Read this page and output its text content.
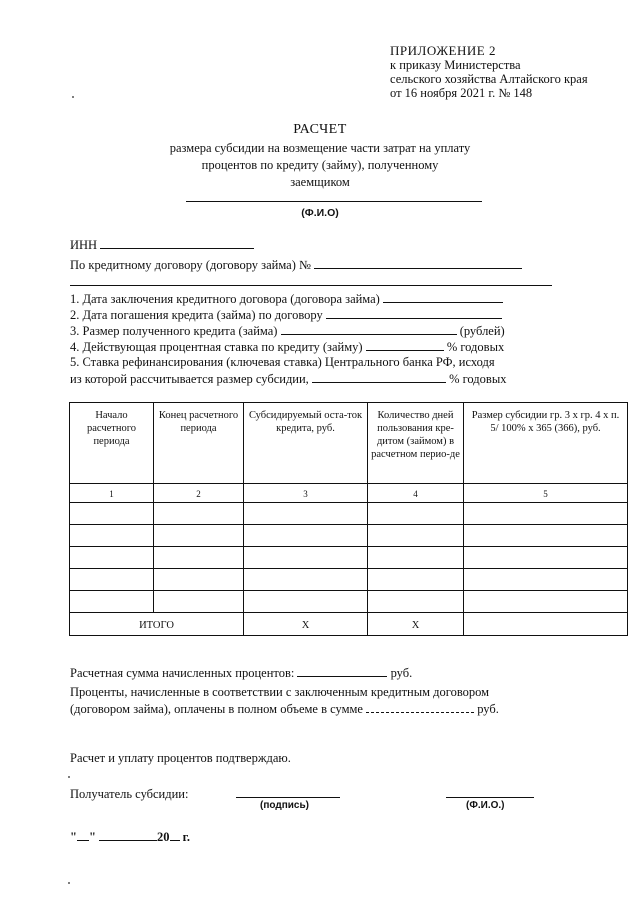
ПРИЛОЖЕНИЕ 2
к приказу Министерства
сельского хозяйства Алтайского края
от 16 ноября 2021 г. № 148
РАСЧЕТ
размера субсидии на возмещение части затрат на уплату
процентов по кредиту (займу), полученному
заемщиком
(Ф.И.О)
ИНН
По кредитному договору (договору займа) №
1. Дата заключения кредитного договора (договора займа)
2. Дата погашения кредита (займа) по договору
3. Размер полученного кредита (займа)	(рублей)
4. Действующая процентная ставка по кредиту (займу)	% годовых
5. Ставка рефинансирования (ключевая ставка) Центрального банка РФ, исходя
из которой рассчитывается размер субсидии,	% годовых
Начало расчетного периода	Конец расчетного периода	Субсидируемый оста-ток кредита, руб.	Количество дней пользования кре-дитом (займом) в расчетном перио-де	Размер субсидии гр. 3 х гр. 4 х п. 5/ 100% х 365 (366), руб.
1	2	3	4	5

ИТОГО		Х	Х	
Расчетная сумма начисленных процентов:	руб.
Проценты, начисленные в соответствии с заключенным кредитным договором
(договором займа), оплачены в полном объеме в сумме	руб.
Расчет и уплату процентов подтверждаю.
Получатель субсидии:
(подпись)	(Ф.И.О.)
" "	20 г.
